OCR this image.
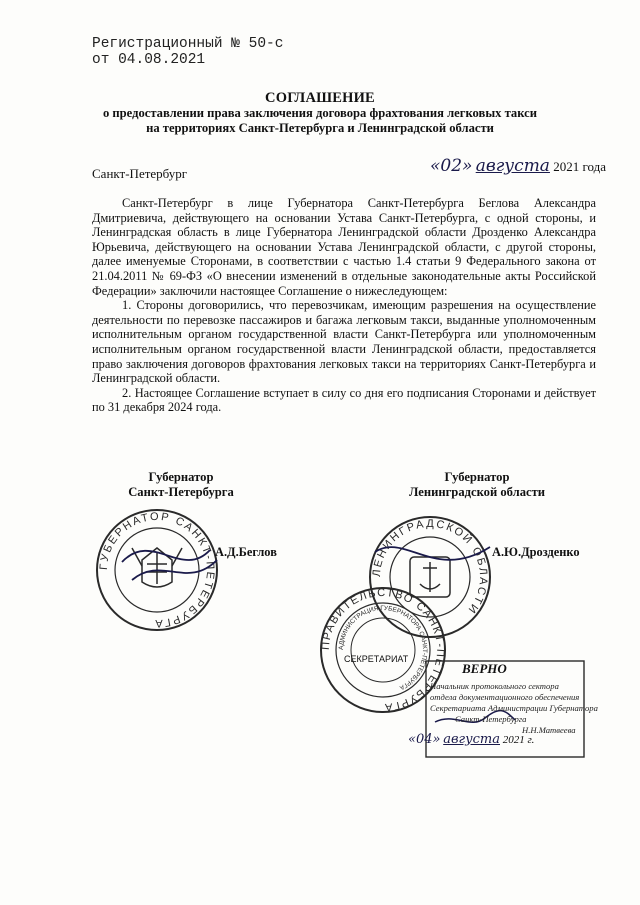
Регистрационный № 50-с
от 04.08.2021
СОГЛАШЕНИЕ
о предоставлении права заключения договора фрахтования легковых такси
на территориях Санкт-Петербурга и Ленинградской области
Санкт-Петербург	«02» августа 2021 года

Санкт-Петербург в лице Губернатора Санкт-Петербурга Беглова Александра Дмитриевича, действующего на основании Устава Санкт-Петербурга, с одной стороны, и Ленинградская область в лице Губернатора Ленинградской области Дрозденко Александра Юрьевича, действующего на основании Устава Ленинградской области, с другой стороны, далее именуемые Сторонами, в соответствии с частью 1.4 статьи 9 Федерального закона от 21.04.2011 № 69-ФЗ «О внесении изменений в отдельные законодательные акты Российской Федерации» заключили настоящее Соглашение о нижеследующем:

1. Стороны договорились, что перевозчикам, имеющим разрешения на осуществление деятельности по перевозке пассажиров и багажа легковым такси, выданные уполномоченным исполнительным органом государственной власти Санкт-Петербурга или уполномоченным исполнительным органом государственной власти Ленинградской области, предоставляется право заключения договоров фрахтования легковых такси на территориях Санкт-Петербурга и Ленинградской области.

2. Настоящее Соглашение вступает в силу со дня его подписания Сторонами и действует по 31 декабря 2024 года.

Губернатор
Санкт-Петербурга
Губернатор
Ленинградской области
ГУБЕРНАТОР САНКТ-ПЕТЕРБУРГА
А.Д.Беглов
ЛЕНИНГРАДСКОЙ ОБЛАСТИ
А.Ю.Дрозденко
ПРАВИТЕЛЬСТВО САНКТ-ПЕТЕРБУРГА
АДМИНИСТРАЦИЯ ГУБЕРНАТОРА САНКТ-ПЕТЕРБУРГА
СЕКРЕТАРИАТ
ВЕРНО
Начальник протокольного сектора
отдела документационного обеспечения
Секретариата Администрации Губернатора
Санкт-Петербурга
Н.Н.Матвеева
«04» августа 2021 г.
